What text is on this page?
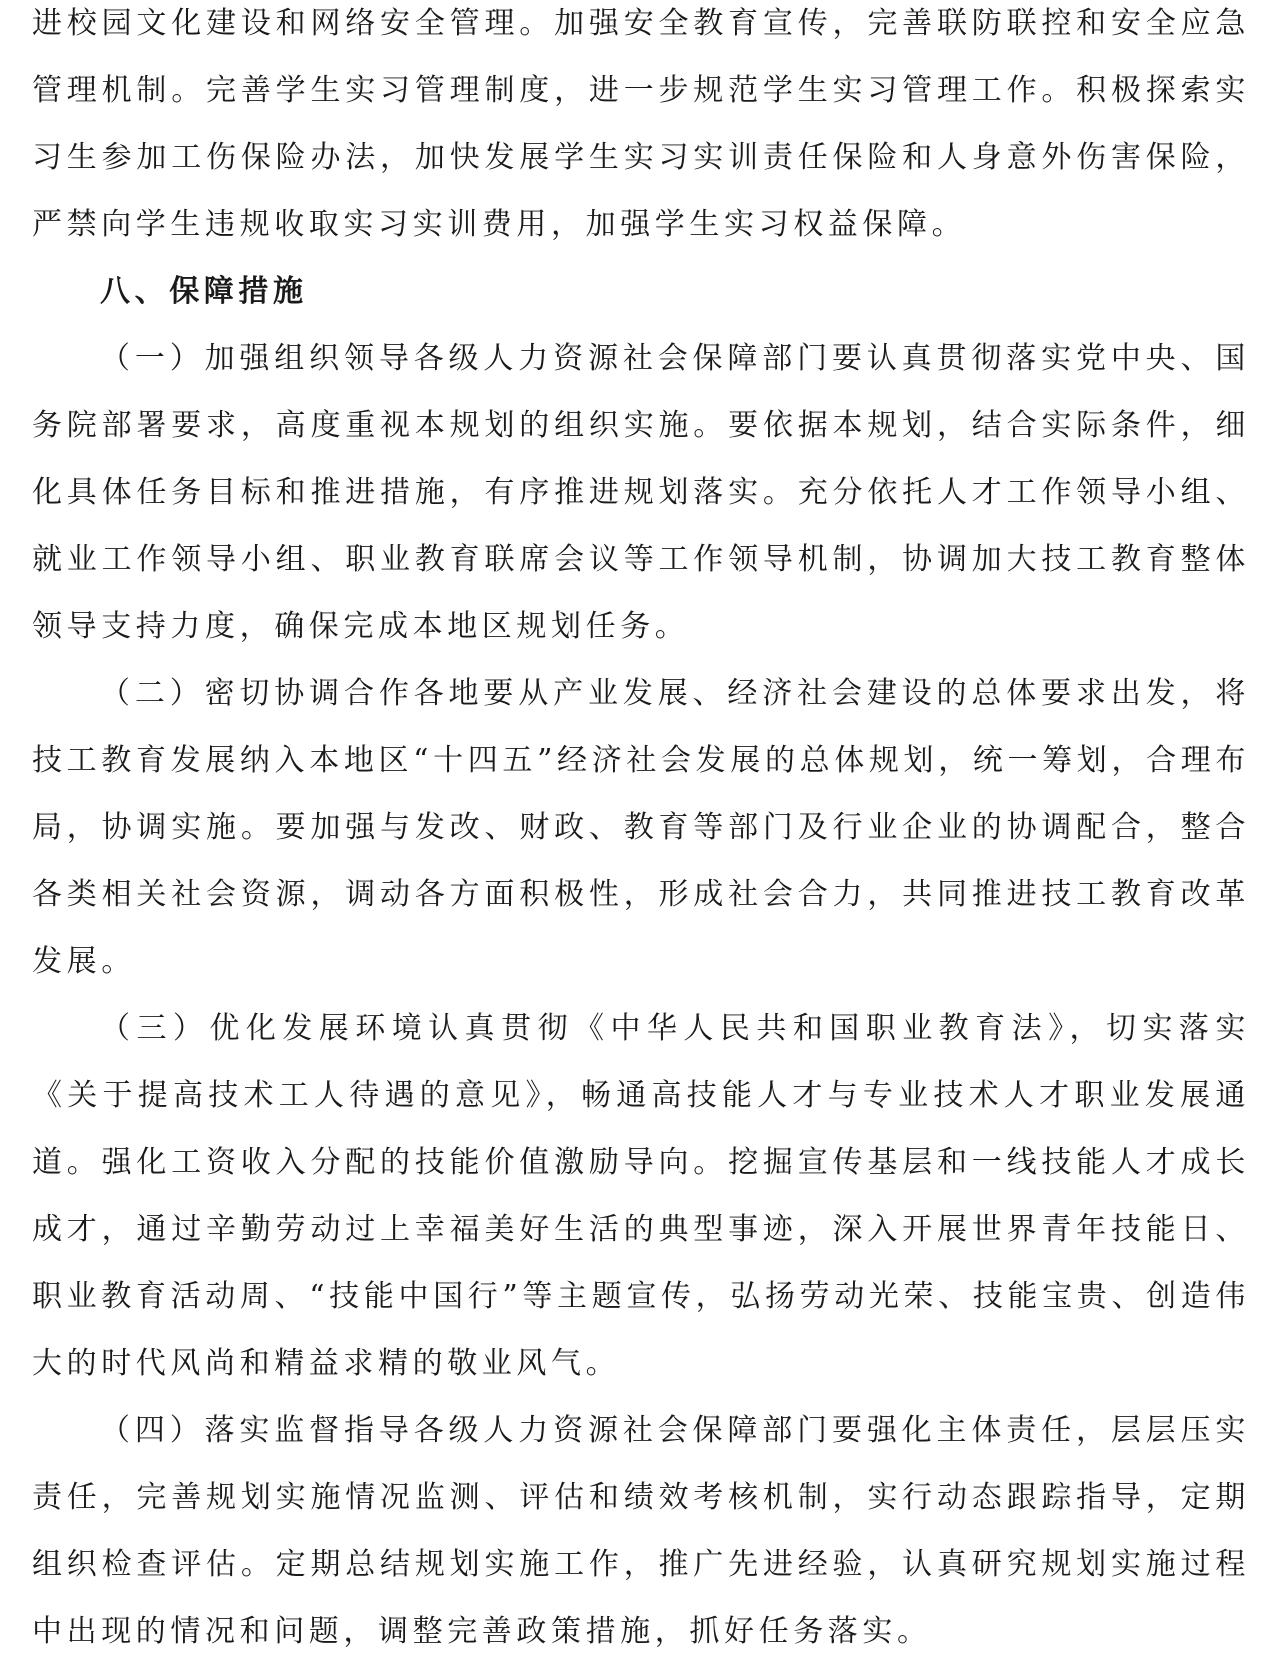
进校园文化建设和网络安全管理。加强安全教育宣传，完善联防联控和安全应急管理机制。完善学生实习管理制度，进一步规范学生实习管理工作。积极探索实习生参加工伤保险办法，加快发展学生实习实训责任保险和人身意外伤害保险，严禁向学生违规收取实习实训费用，加强学生实习权益保障。

八、保障措施

（一）加强组织领导各级人力资源社会保障部门要认真贯彻落实党中央、国务院部署要求，高度重视本规划的组织实施。要依据本规划，结合实际条件，细化具体任务目标和推进措施，有序推进规划落实。充分依托人才工作领导小组、就业工作领导小组、职业教育联席会议等工作领导机制，协调加大技工教育整体领导支持力度，确保完成本地区规划任务。

（二）密切协调合作各地要从产业发展、经济社会建设的总体要求出发，将技工教育发展纳入本地区“十四五”经济社会发展的总体规划，统一筹划，合理布局，协调实施。要加强与发改、财政、教育等部门及行业企业的协调配合，整合各类相关社会资源，调动各方面积极性，形成社会合力，共同推进技工教育改革发展。

（三）优化发展环境认真贯彻《中华人民共和国职业教育法》，切实落实《关于提高技术工人待遇的意见》，畅通高技能人才与专业技术人才职业发展通道。强化工资收入分配的技能价值激励导向。挖掘宣传基层和一线技能人才成长成才，通过辛勤劳动过上幸福美好生活的典型事迹，深入开展世界青年技能日、职业教育活动周、“技能中国行”等主题宣传，弘扬劳动光荣、技能宝贵、创造伟大的时代风尚和精益求精的敬业风气。

（四）落实监督指导各级人力资源社会保障部门要强化主体责任，层层压实责任，完善规划实施情况监测、评估和绩效考核机制，实行动态跟踪指导，定期组织检查评估。定期总结规划实施工作，推广先进经验，认真研究规划实施过程中出现的情况和问题，调整完善政策措施，抓好任务落实。
